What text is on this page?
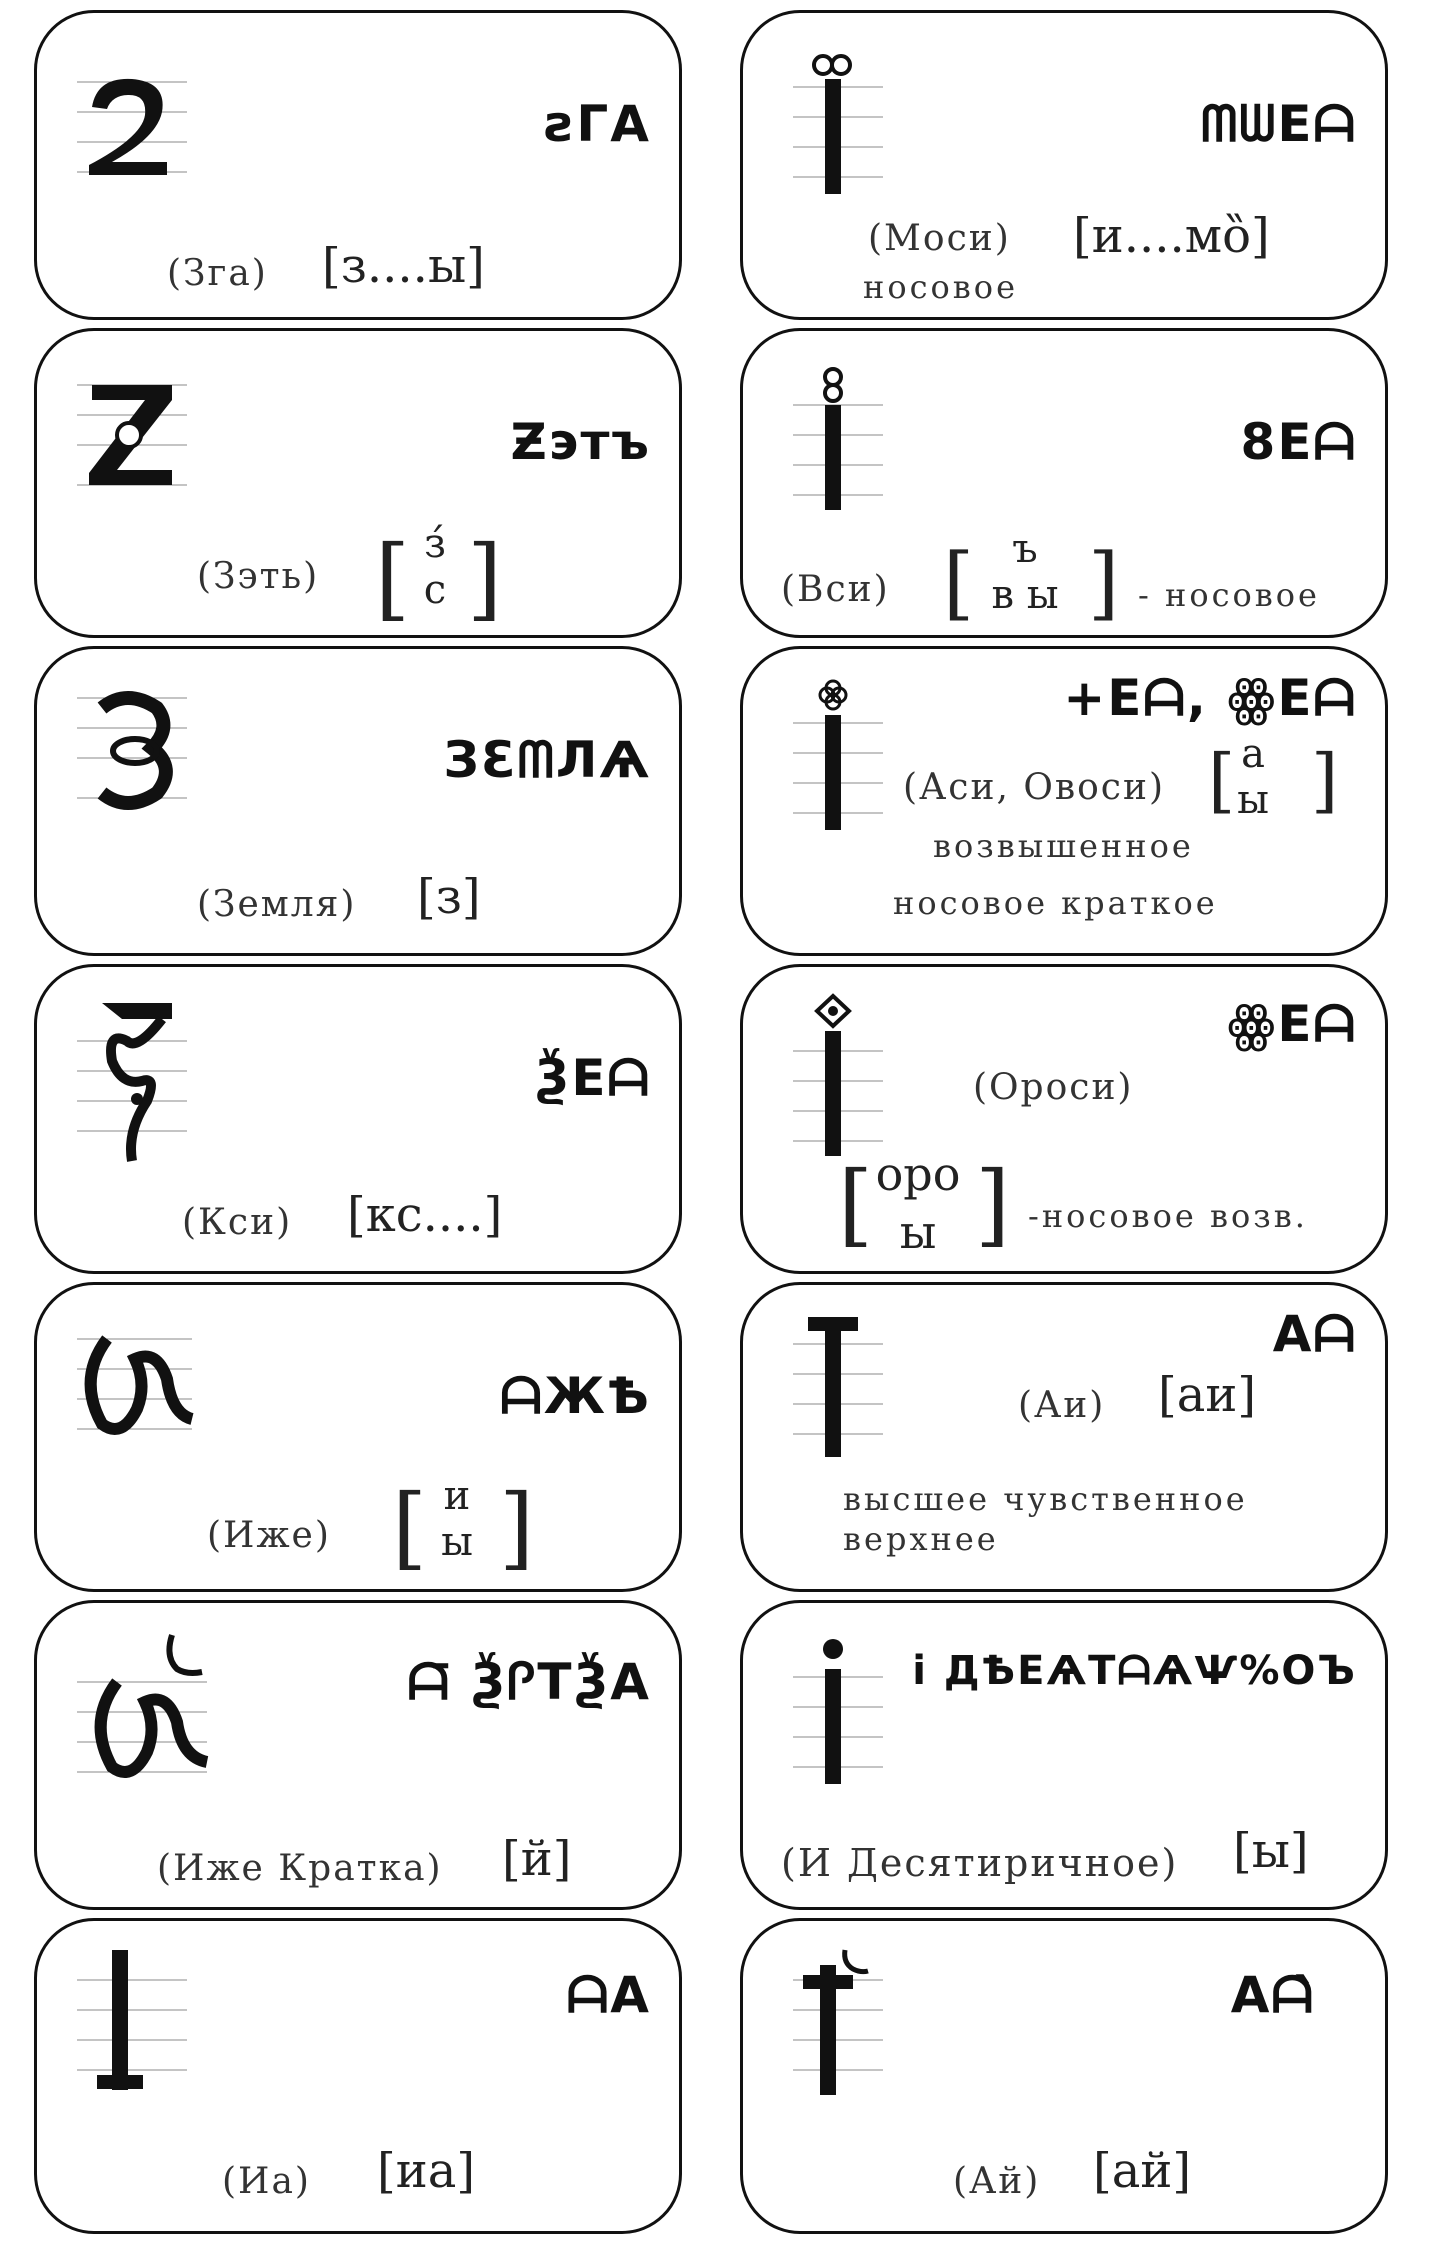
ƨГA
(Зга) [з....ы]
ᗰᗯEᗩ
(Моси) [и....мȍ]
носовое
Ƶэтъ
(Зэть) [ з́
с ]
8Eᗩ
(Вси) [ ъ
в ы ] - носовое
ЗƐᗰЛѦ
(Земля) [з]
+Eᗩ, ꙮEᗩ
(Аси, Овоси) [ а
ы ]
возвышенное
носовое краткое
ѮEᗩ
(Кси) [кс....]
ꙮEᗩ
(Ороси)
[ оро
ы ] -носовое возв.
ᗩЖѢ
(Иже) [ и
ы ]
Aᗩ
(Аи) [аи]
высшее чувственное
верхнее
ᗩ̄ ѮᎵТѮA
(Иже Кратка) [й]
і ДѢEѦТᗩѦѰ%ОЪ
(И Десятиричное) [ы]
ᗩA
(Иа) [иа]
Aᗩ̀
(Ай) [ай]
